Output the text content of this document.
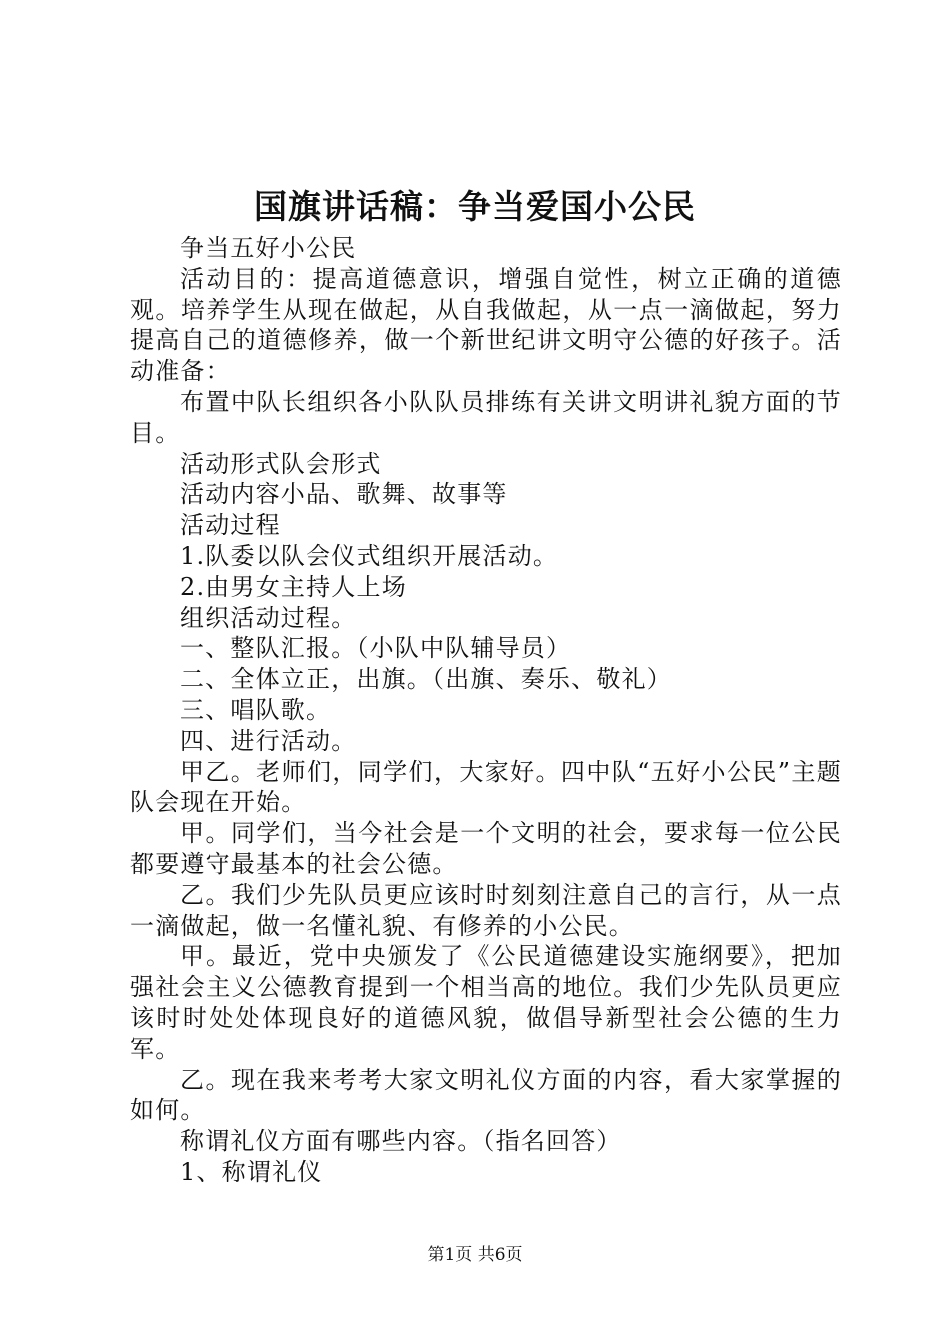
国旗讲话稿：争当爱国小公民

争当五好小公民

活动目的：提高道德意识，增强自觉性，树立正确的道德观。培养学生从现在做起，从自我做起，从一点一滴做起，努力提高自己的道德修养，做一个新世纪讲文明守公德的好孩子。活动准备：

布置中队长组织各小队队员排练有关讲文明讲礼貌方面的节目。

活动形式队会形式

活动内容小品、歌舞、故事等

活动过程

1.队委以队会仪式组织开展活动。

2.由男女主持人上场

组织活动过程。

一、整队汇报。（小队中队辅导员）

二、全体立正，出旗。（出旗、奏乐、敬礼）

三、唱队歌。

四、进行活动。

甲乙。老师们，同学们，大家好。四中队“五好小公民”主题队会现在开始。

甲。同学们，当今社会是一个文明的社会，要求每一位公民都要遵守最基本的社会公德。

乙。我们少先队员更应该时时刻刻注意自己的言行，从一点一滴做起，做一名懂礼貌、有修养的小公民。

甲。最近，党中央颁发了《公民道德建设实施纲要》，把加强社会主义公德教育提到一个相当高的地位。我们少先队员更应该时时处处体现良好的道德风貌，做倡导新型社会公德的生力军。

乙。现在我来考考大家文明礼仪方面的内容，看大家掌握的如何。

称谓礼仪方面有哪些内容。（指名回答）

1、称谓礼仪

第1页 共6页
